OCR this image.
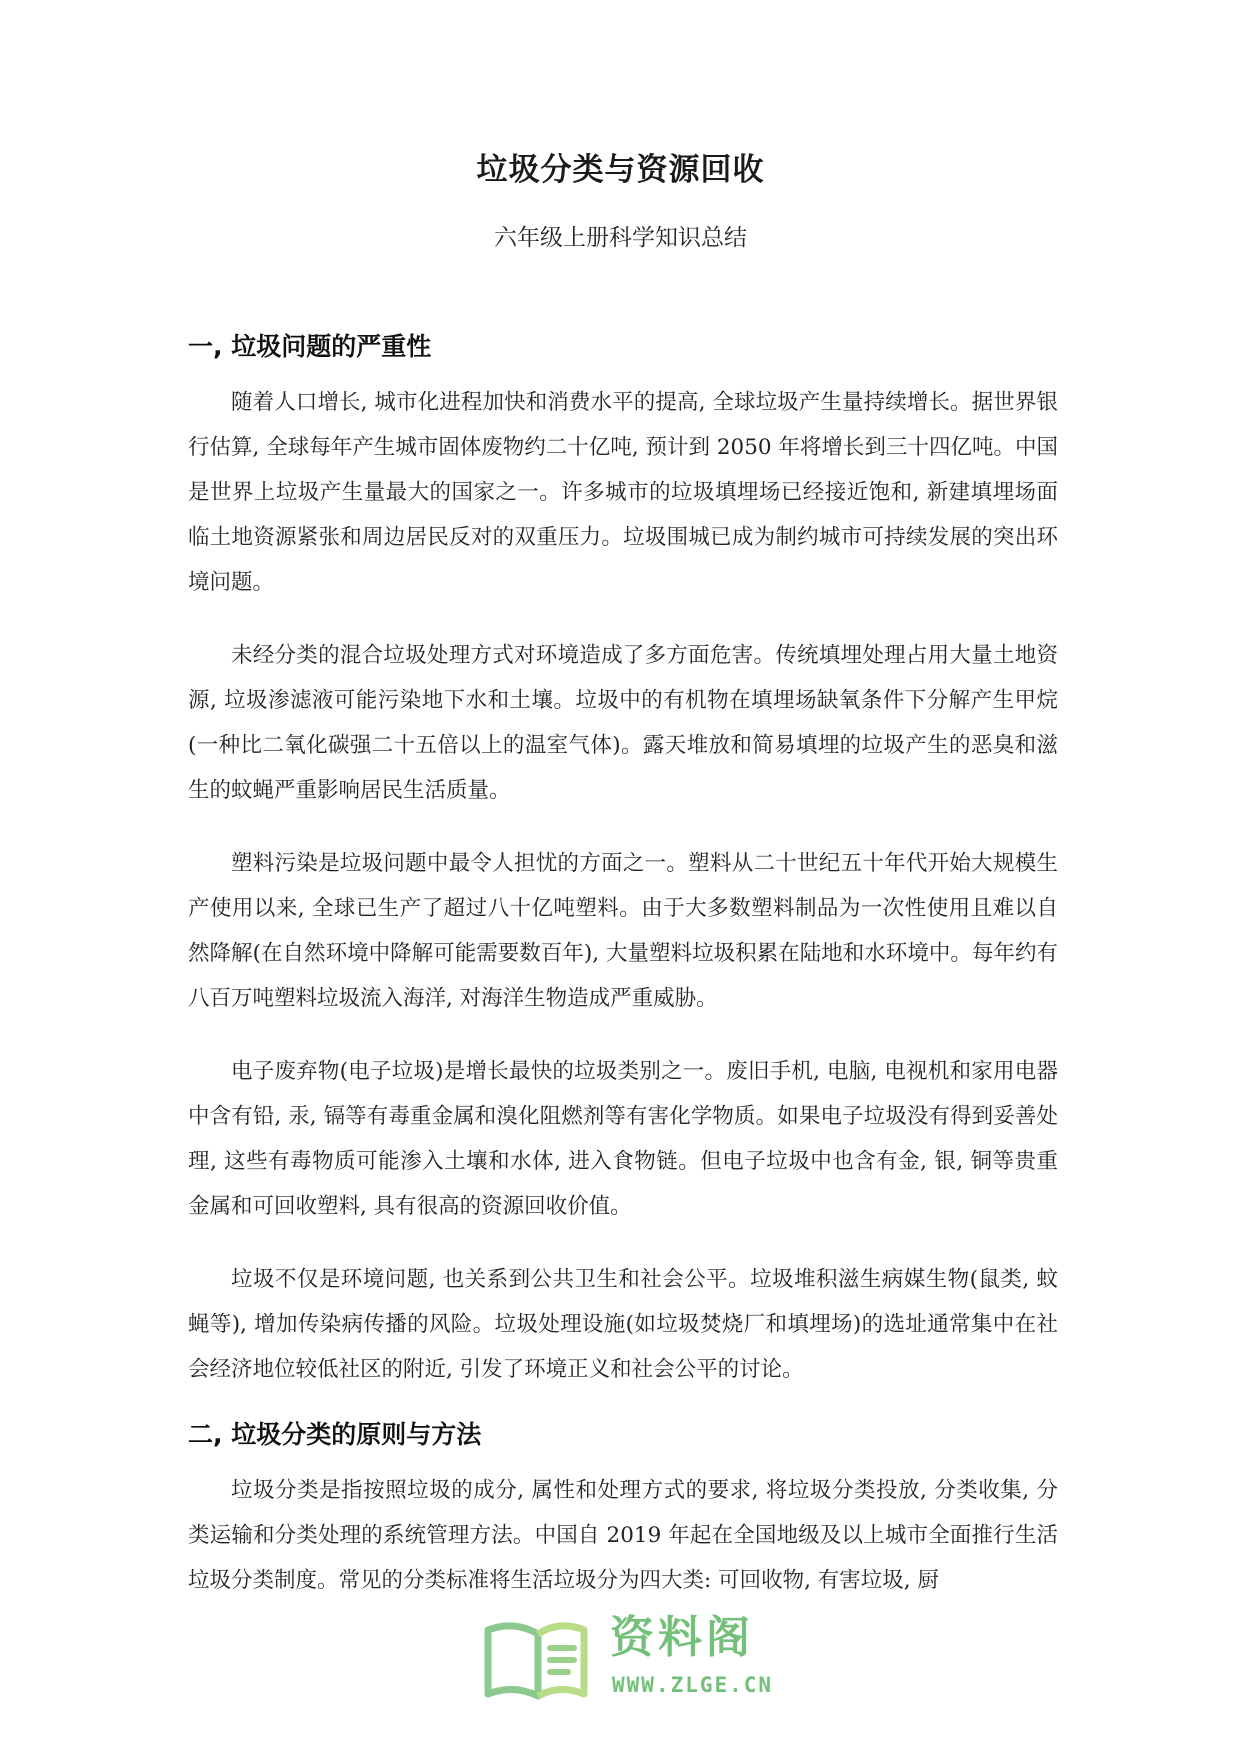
垃圾分类与资源回收
六年级上册科学知识总结
一, 垃圾问题的严重性

随着人口增长, 城市化进程加快和消费水平的提高, 全球垃圾产生量持续增长。据世界银行估算, 全球每年产生城市固体废物约二十亿吨, 预计到 2050 年将增长到三十四亿吨。中国是世界上垃圾产生量最大的国家之一。许多城市的垃圾填埋场已经接近饱和, 新建填埋场面临土地资源紧张和周边居民反对的双重压力。垃圾围城已成为制约城市可持续发展的突出环境问题。

未经分类的混合垃圾处理方式对环境造成了多方面危害。传统填埋处理占用大量土地资源, 垃圾渗滤液可能污染地下水和土壤。垃圾中的有机物在填埋场缺氧条件下分解产生甲烷(一种比二氧化碳强二十五倍以上的温室气体)。露天堆放和简易填埋的垃圾产生的恶臭和滋生的蚊蝇严重影响居民生活质量。

塑料污染是垃圾问题中最令人担忧的方面之一。塑料从二十世纪五十年代开始大规模生产使用以来, 全球已生产了超过八十亿吨塑料。由于大多数塑料制品为一次性使用且难以自然降解(在自然环境中降解可能需要数百年), 大量塑料垃圾积累在陆地和水环境中。每年约有八百万吨塑料垃圾流入海洋, 对海洋生物造成严重威胁。

电子废弃物(电子垃圾)是增长最快的垃圾类别之一。废旧手机, 电脑, 电视机和家用电器中含有铅, 汞, 镉等有毒重金属和溴化阻燃剂等有害化学物质。如果电子垃圾没有得到妥善处理, 这些有毒物质可能渗入土壤和水体, 进入食物链。但电子垃圾中也含有金, 银, 铜等贵重金属和可回收塑料, 具有很高的资源回收价值。

垃圾不仅是环境问题, 也关系到公共卫生和社会公平。垃圾堆积滋生病媒生物(鼠类, 蚊蝇等), 增加传染病传播的风险。垃圾处理设施(如垃圾焚烧厂和填埋场)的选址通常集中在社会经济地位较低社区的附近, 引发了环境正义和社会公平的讨论。

二, 垃圾分类的原则与方法

垃圾分类是指按照垃圾的成分, 属性和处理方式的要求, 将垃圾分类投放, 分类收集, 分类运输和分类处理的系统管理方法。中国自 2019 年起在全国地级及以上城市全面推行生活垃圾分类制度。常见的分类标准将生活垃圾分为四大类: 可回收物, 有害垃圾, 厨

资料阁
WWW.ZLGE.CN
